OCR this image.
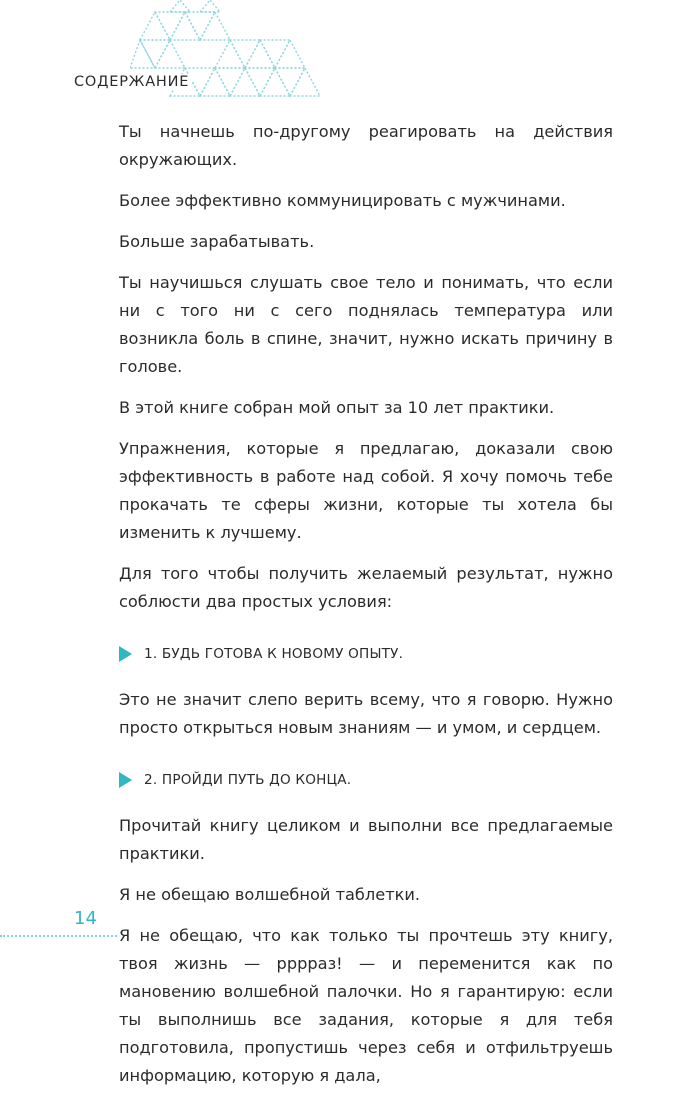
СОДЕРЖАНИЕ

Ты начнешь по-другому реагировать на действия окружающих.

Более эффективно коммуницировать с мужчинами.

Больше зарабатывать.

Ты научишься слушать свое тело и понимать, что если ни с того ни с сего поднялась температура или возникла боль в спине, значит, нужно искать причину в голове.

В этой книге собран мой опыт за 10 лет практики.

Упражнения, которые я предлагаю, доказали свою эффективность в работе над собой. Я хочу помочь тебе прокачать те сферы жизни, которые ты хотела бы изменить к лучшему.

Для того чтобы получить желаемый результат, нужно соблюсти два простых условия:

1. БУДЬ ГОТОВА К НОВОМУ ОПЫТУ.

Это не значит слепо верить всему, что я говорю. Нужно просто открыться новым знаниям — и умом, и сердцем.

2. ПРОЙДИ ПУТЬ ДО КОНЦА.

Прочитай книгу целиком и выполни все предлагаемые практики.

Я не обещаю волшебной таблетки.

Я не обещаю, что как только ты прочтешь эту книгу, твоя жизнь — ррррaз! — и переменится как по мановению волшебной палочки. Но я гарантирую: если ты выполнишь все задания, которые я для тебя подготовила, пропустишь через себя и отфильтруешь информацию, которую я дала,

14
